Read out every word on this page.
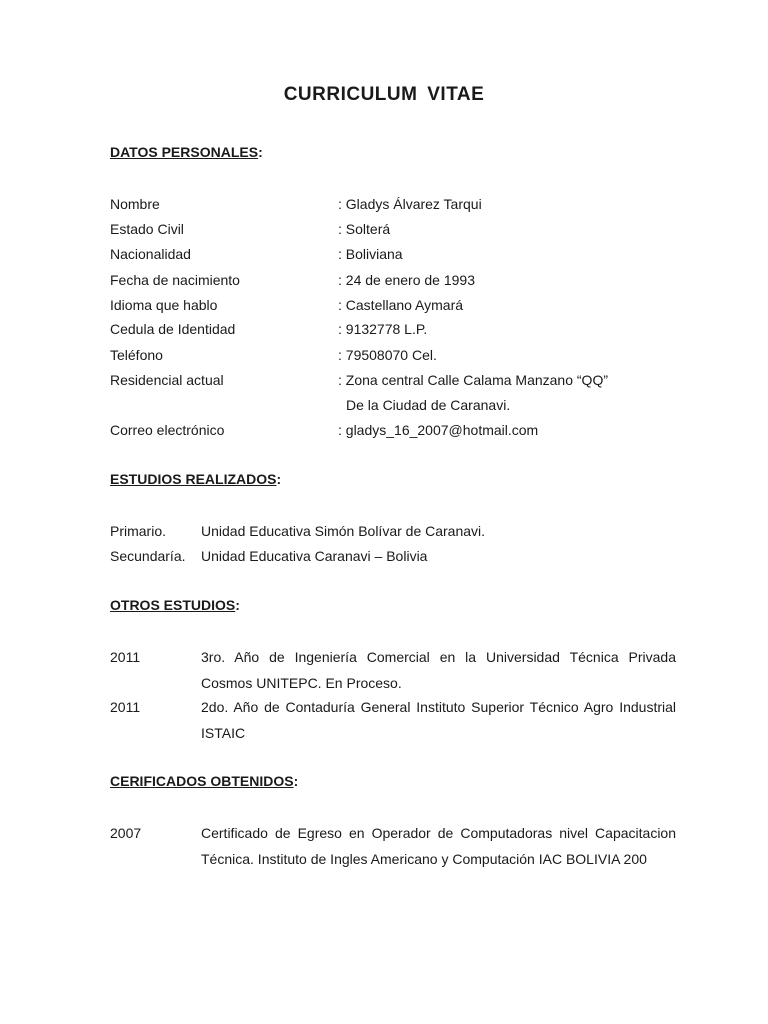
CURRICULUM VITAE
DATOS PERSONALES:
Nombre	: Gladys Álvarez Tarqui
Estado Civil	: Solterá
Nacionalidad	: Boliviana
Fecha de nacimiento	: 24 de enero de 1993
Idioma que hablo	: Castellano Aymará
Cedula de Identidad	: 9132778 L.P.
Teléfono	: 79508070 Cel.
Residencial actual	: Zona central Calle Calama Manzano “QQ”
De la Ciudad de Caranavi.
Correo electrónico	: gladys_16_2007@hotmail.com
ESTUDIOS REALIZADOS:
Primario. Unidad Educativa Simón Bolívar de Caranavi.
Secundaría. Unidad Educativa Caranavi – Bolivia
OTROS ESTUDIOS:
2011	3ro. Año de Ingeniería Comercial en la Universidad Técnica Privada Cosmos UNITEPC. En Proceso.
2011	2do. Año de Contaduría General Instituto Superior Técnico Agro Industrial ISTAIC
CERIFICADOS OBTENIDOS:
2007	Certificado de Egreso en Operador de Computadoras nivel Capacitacion Técnica. Instituto de Ingles Americano y Computación IAC BOLIVIA 200
